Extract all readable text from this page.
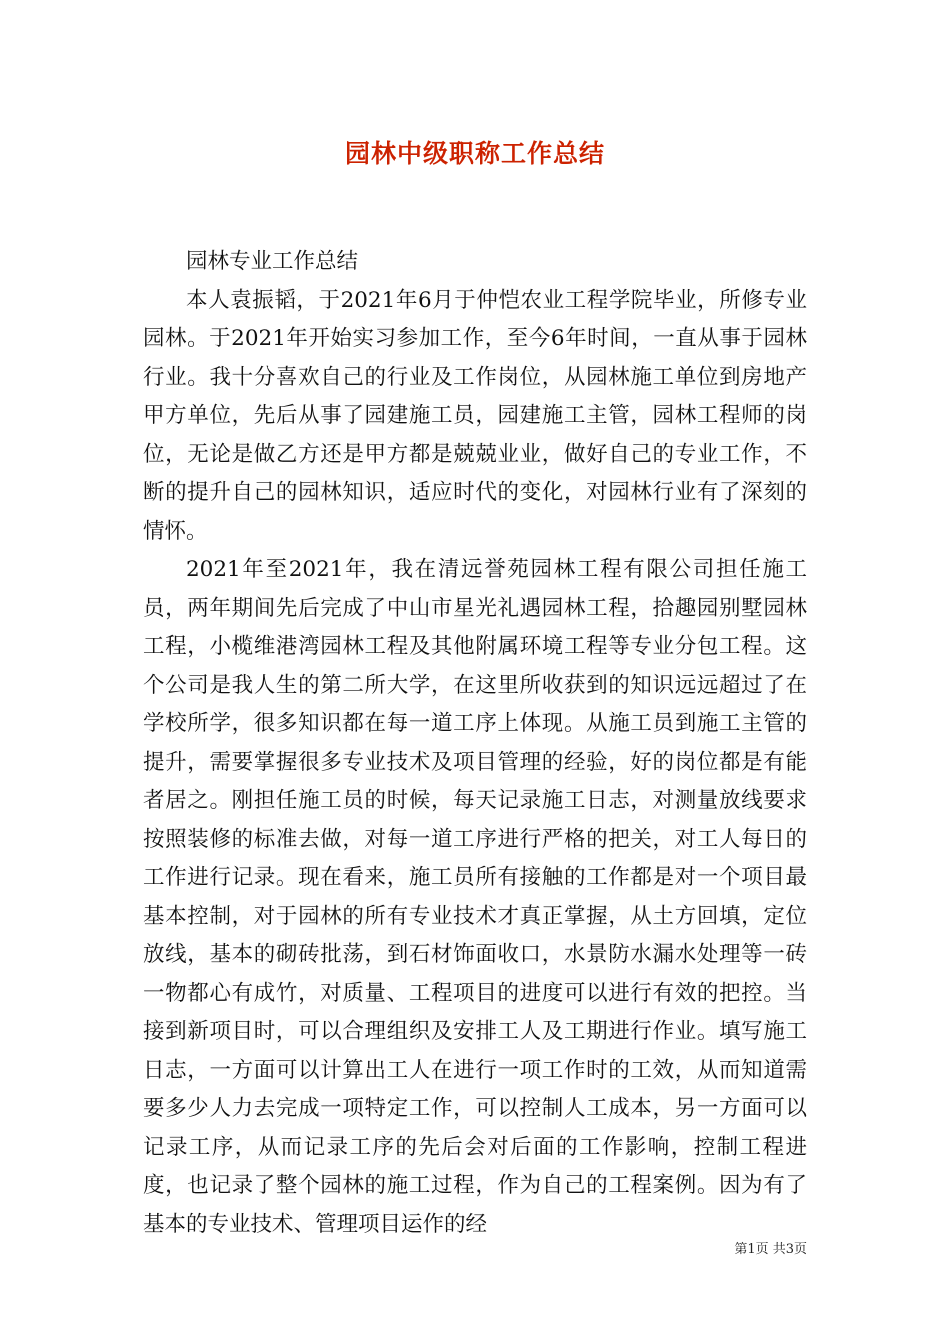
园林中级职称工作总结

园林专业工作总结

本人袁振韬，于2021年6月于仲恺农业工程学院毕业，所修专业园林。于2021年开始实习参加工作，至今6年时间，一直从事于园林行业。我十分喜欢自己的行业及工作岗位，从园林施工单位到房地产甲方单位，先后从事了园建施工员，园建施工主管，园林工程师的岗位，无论是做乙方还是甲方都是兢兢业业，做好自己的专业工作，不断的提升自己的园林知识，适应时代的变化，对园林行业有了深刻的情怀。

2021年至2021年，我在清远誉苑园林工程有限公司担任施工员，两年期间先后完成了中山市星光礼遇园林工程，拾趣园别墅园林工程，小榄维港湾园林工程及其他附属环境工程等专业分包工程。这个公司是我人生的第二所大学，在这里所收获到的知识远远超过了在学校所学，很多知识都在每一道工序上体现。从施工员到施工主管的提升，需要掌握很多专业技术及项目管理的经验，好的岗位都是有能者居之。刚担任施工员的时候，每天记录施工日志，对测量放线要求按照装修的标准去做，对每一道工序进行严格的把关，对工人每日的工作进行记录。现在看来，施工员所有接触的工作都是对一个项目最基本控制，对于园林的所有专业技术才真正掌握，从土方回填，定位放线，基本的砌砖批荡，到石材饰面收口，水景防水漏水处理等一砖一物都心有成竹，对质量、工程项目的进度可以进行有效的把控。当接到新项目时，可以合理组织及安排工人及工期进行作业。填写施工日志，一方面可以计算出工人在进行一项工作时的工效，从而知道需要多少人力去完成一项特定工作，可以控制人工成本，另一方面可以记录工序，从而记录工序的先后会对后面的工作影响，控制工程进度，也记录了整个园林的施工过程，作为自己的工程案例。因为有了基本的专业技术、管理项目运作的经

第1页 共3页
